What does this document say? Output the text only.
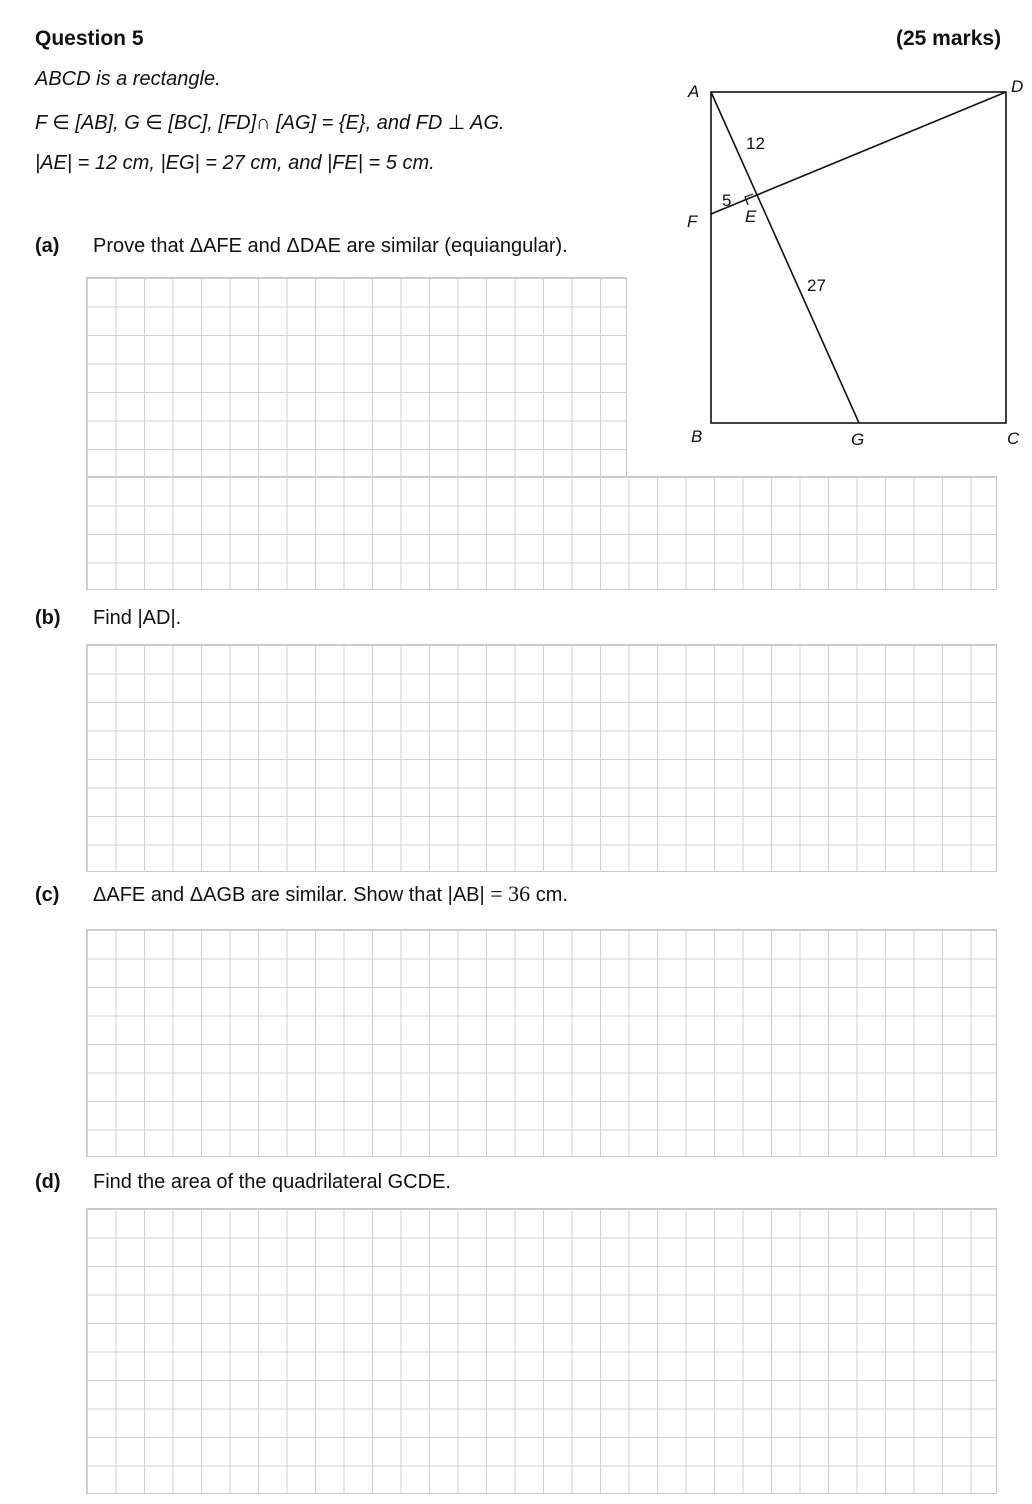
Question 5	(25 marks)
ABCD is a rectangle.
F ∈ [AB], G ∈ [BC], [FD]∩ [AG] = {E}, and FD ⊥ AG.
|AE| = 12 cm, |EG| = 27 cm, and |FE| = 5 cm.
A
B	C
D
E
F
G
12
27
5
(a) Prove that ΔAFE and ΔDAE are similar (equiangular).
(b) Find |AD|.
(c) ΔAFE and ΔAGB are similar. Show that |AB| = 36 cm.
(d) Find the area of the quadrilateral GCDE.
